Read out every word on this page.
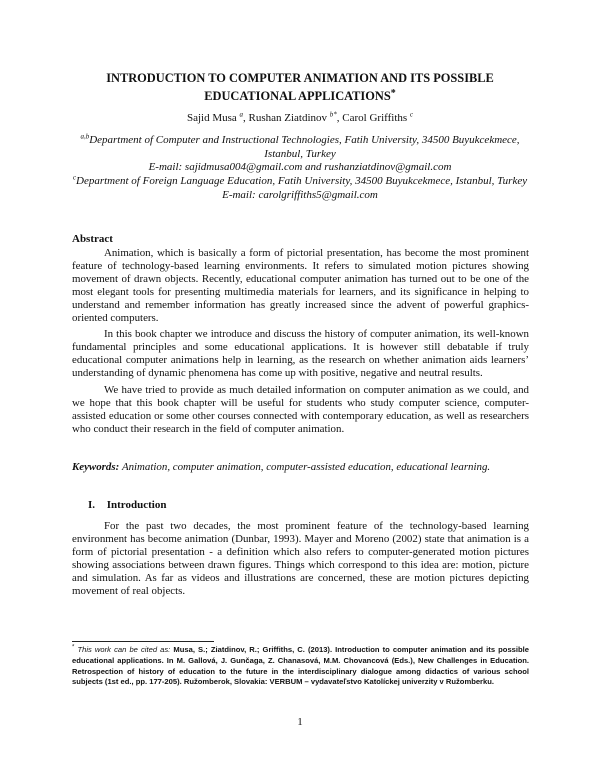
INTRODUCTION TO COMPUTER ANIMATION AND ITS POSSIBLE
EDUCATIONAL APPLICATIONS*
Sajid Musa $^a$, Rushan Ziatdinov $^{b*}$, Carol Griffiths $^c$

$^{a,b}$Department of Computer and Instructional Technologies, Fatih University, 34500 Buyukcekmece, Istanbul, Turkey

E-mail: sajidmusa004@gmail.com and rushanziatdinov@gmail.com

$^c$Department of Foreign Language Education, Fatih University, 34500 Buyukcekmece, Istanbul, Turkey

E-mail: carolgriffiths5@gmail.com

Abstract

Animation, which is basically a form of pictorial presentation, has become the most prominent feature of technology-based learning environments. It refers to simulated motion pictures showing movement of drawn objects. Recently, educational computer animation has turned out to be one of the most elegant tools for presenting multimedia materials for learners, and its significance in helping to understand and remember information has greatly increased since the advent of powerful graphics-oriented computers.

In this book chapter we introduce and discuss the history of computer animation, its well-known fundamental principles and some educational applications. It is however still debatable if truly educational computer animations help in learning, as the research on whether animation aids learners’ understanding of dynamic phenomena has come up with positive, negative and neutral results.

We have tried to provide as much detailed information on computer animation as we could, and we hope that this book chapter will be useful for students who study computer science, computer-assisted education or some other courses connected with contemporary education, as well as researchers who conduct their research in the field of computer animation.

Keywords: Animation, computer animation, computer-assisted education, educational learning.
I. Introduction

For the past two decades, the most prominent feature of the technology-based learning environment has become animation (Dunbar, 1993). Mayer and Moreno (2002) state that animation is a form of pictorial presentation - a definition which also refers to computer-generated motion pictures showing associations between drawn figures. Things which correspond to this idea are: motion, picture and simulation. As far as videos and illustrations are concerned, these are motion pictures depicting movement of real objects.

* This work can be cited as: Musa, S.; Ziatdinov, R.; Griffiths, C. (2013). Introduction to computer animation and its possible educational applications. In M. Gallová, J. Gunčaga, Z. Chanasová, M.M. Chovancová (Eds.), New Challenges in Education. Retrospection of history of education to the future in the interdisciplinary dialogue among didactics of various school subjects (1st ed., pp. 177-205). Ružomberok, Slovakia: VERBUM – vydavateľstvo Katolíckej univerzity v Ružomberku.
1
